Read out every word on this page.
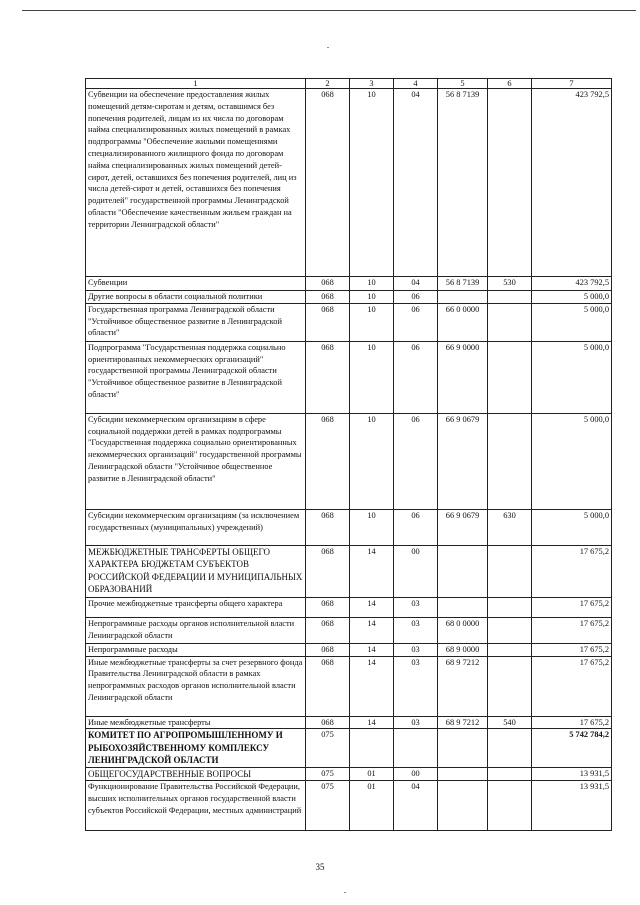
1	2	3	4	5	6	7
Субвенции на обеспечение предоставления жилых помещений детям-сиротам и детям, оставшимся без попечения родителей, лицам из их числа по договорам найма специализированных жилых помещений в рамках подпрограммы "Обеспечение жилыми помещениями специализированного жилищного фонда по договорам найма специализированных жилых помещений детей-сирот, детей, оставшихся без попечения родителей, лиц из числа детей-сирот и детей, оставшихся без попечения родителей" государственной программы Ленинградской области "Обеспечение качественным жильем граждан на территории Ленинградской области"	068	10	04	56 8 7139		423 792,5
Субвенции	068	10	04	56 8 7139	530	423 792,5
Другие вопросы в области социальной политики	068	10	06			5 000,0
Государственная программа Ленинградской области "Устойчивое общественное развитие в Ленинградской области"	068	10	06	66 0 0000		5 000,0
Подпрограмма "Государственная поддержка социально ориентированных некоммерческих организаций" государственной программы Ленинградской области "Устойчивое общественное развитие в Ленинградской области"	068	10	06	66 9 0000		5 000,0
Субсидии некоммерческим организациям в сфере социальной поддержки детей в рамках подпрограммы "Государственная поддержка социально ориентированных некоммерческих организаций" государственной программы Ленинградской области "Устойчивое общественное развитие в Ленинградской области"	068	10	06	66 9 0679		5 000,0
Субсидии некоммерческим организациям (за исключением государственных (муниципальных) учреждений)	068	10	06	66 9 0679	630	5 000,0
МЕЖБЮДЖЕТНЫЕ ТРАНСФЕРТЫ ОБЩЕГО ХАРАКТЕРА БЮДЖЕТАМ СУБЪЕКТОВ РОССИЙСКОЙ ФЕДЕРАЦИИ И МУНИЦИПАЛЬНЫХ ОБРАЗОВАНИЙ	068	14	00			17 675,2
Прочие межбюджетные трансферты общего характера	068	14	03			17 675,2
Непрограммные расходы органов исполнительной власти Ленинградской области	068	14	03	68 0 0000		17 675,2
Непрограммные расходы	068	14	03	68 9 0000		17 675,2
Иные межбюджетные трансферты за счет резервного фонда Правительства Ленинградской области в рамках непрограммных расходов органов исполнительной власти Ленинградской области	068	14	03	68 9 7212		17 675,2
Иные межбюджетные трансферты	068	14	03	68 9 7212	540	17 675,2
КОМИТЕТ ПО АГРОПРОМЫШЛЕННОМУ И РЫБОХОЗЯЙСТВЕННОМУ КОМПЛЕКСУ ЛЕНИНГРАДСКОЙ ОБЛАСТИ	075					5 742 784,2
ОБЩЕГОСУДАРСТВЕННЫЕ ВОПРОСЫ	075	01	00			13 931,5
Функционирование Правительства Российской Федерации, высших исполнительных органов государственной власти субъектов Российской Федерации, местных администраций	075	01	04			13 931,5
35
